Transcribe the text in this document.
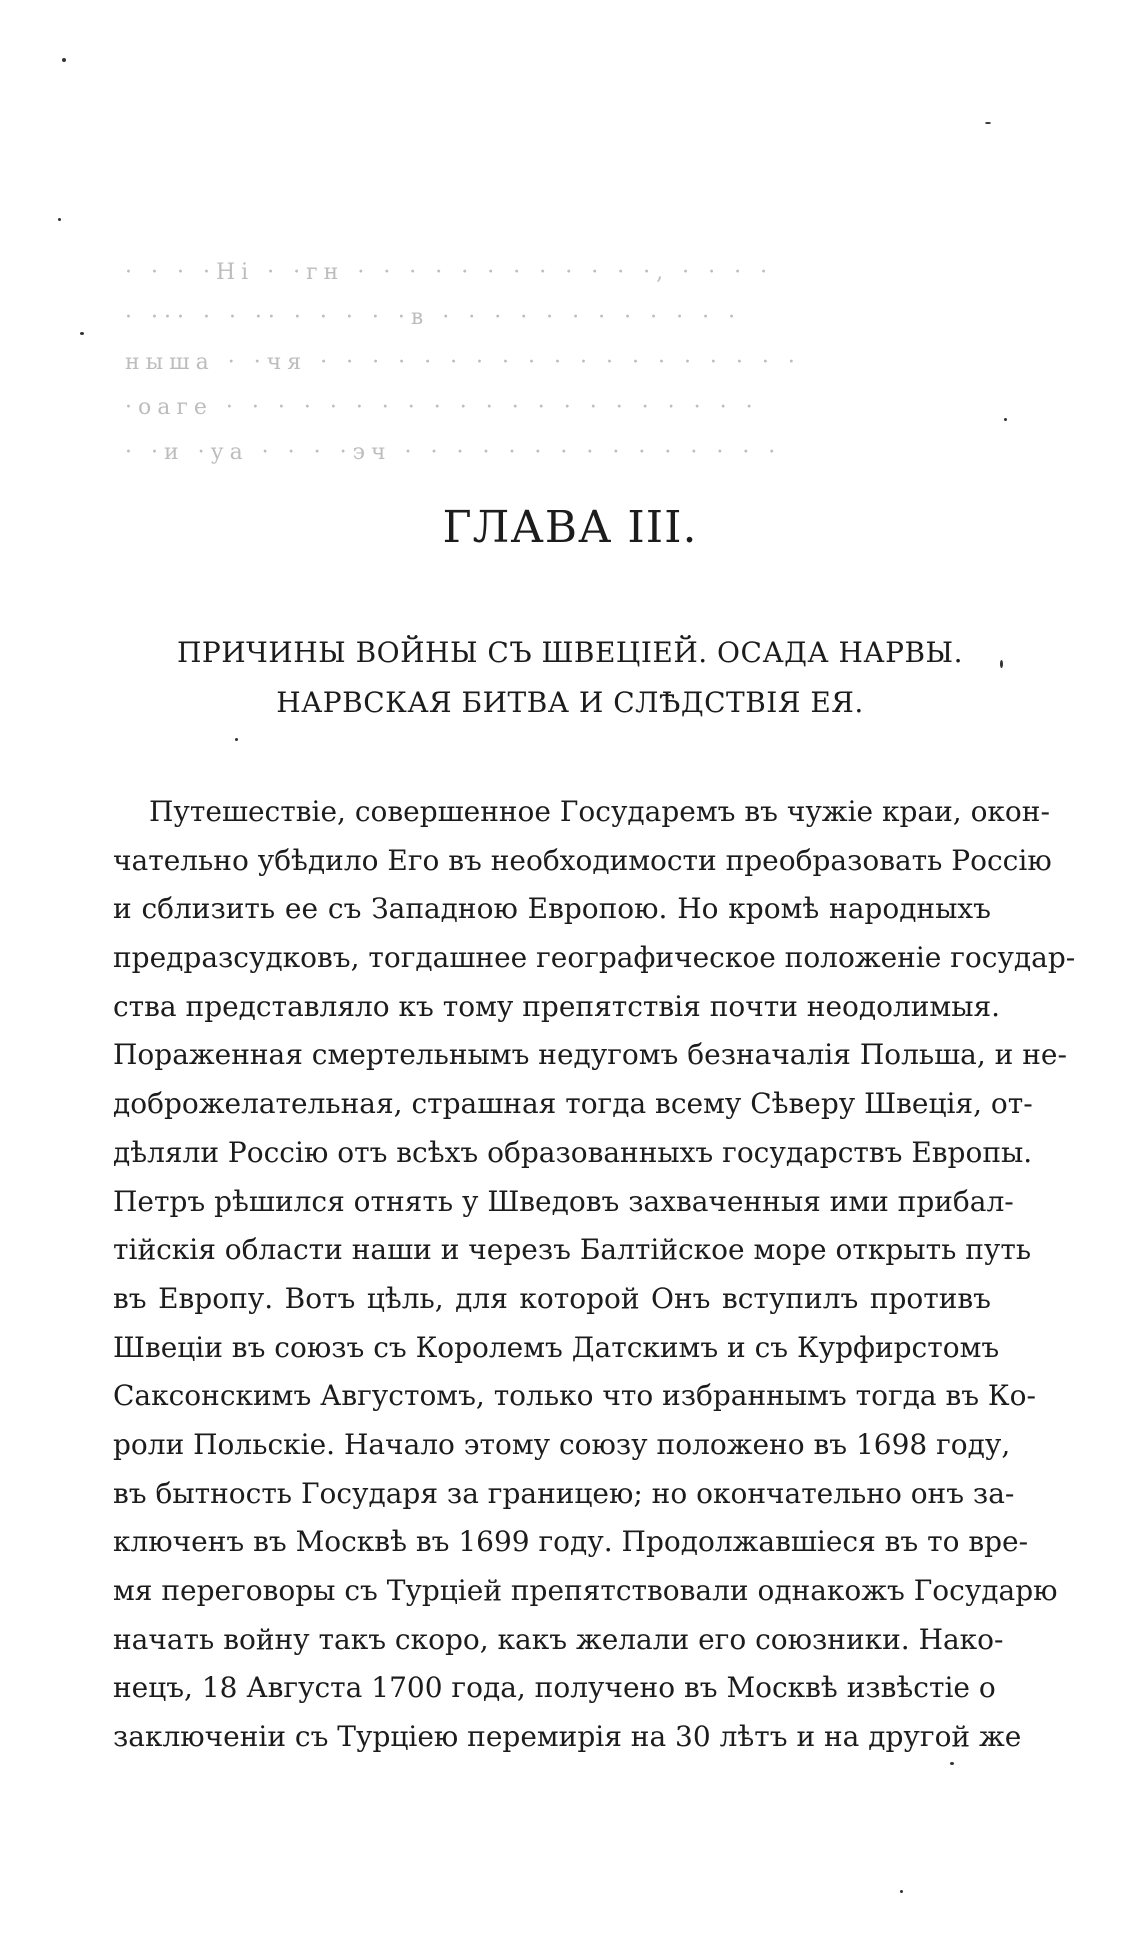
· · · ·Ні · ·гн · · · · · · · · · · · ·, · · · ·
· ··· · · ·· · · · · ·в · · · · · · · · · · · ·
ныша · ·чя · · · · · · · · · · · · · · · · · · ·
·оаге · · · · · · · · · · · · · · · · · · · · ·
· ·и ·уа · · · ·эч · · · · · · · · · · · · · · ·
ГЛАВА III.
ПРИЧИНЫ ВОЙНЫ СЪ ШВЕЦІЕЙ. ОСАДА НАРВЫ.
НАРВСКАЯ БИТВА И СЛѢДСТВІЯ ЕЯ.
Путешествіе, совершенное Государемъ въ чужіе краи, окон-
чательно убѣдило Его въ необходимости преобразовать Россію
и сблизить ее съ Западною Европою. Но кромѣ народныхъ
предразсудковъ, тогдашнее географическое положеніе государ-
ства представляло къ тому препятствія почти неодолимыя.
Пораженная смертельнымъ недугомъ безначалія Польша, и не-
доброжелательная, страшная тогда всему Сѣверу Швеція, от-
дѣляли Россію отъ всѣхъ образованныхъ государствъ Европы.
Петръ рѣшился отнять у Шведовъ захваченныя ими прибал-
тійскія области наши и черезъ Балтійское море открыть путь
въ Европу. Вотъ цѣль, для которой Онъ вступилъ противъ
Швеціи въ союзъ съ Королемъ Датскимъ и съ Курфирстомъ
Саксонскимъ Августомъ, только что избраннымъ тогда въ Ко-
роли Польскіе. Начало этому союзу положено въ 1698 году,
въ бытность Государя за границею; но окончательно онъ за-
ключенъ въ Москвѣ въ 1699 году. Продолжавшіеся въ то вре-
мя переговоры съ Турціей препятствовали однакожъ Государю
начать войну такъ скоро, какъ желали его союзники. Нако-
нецъ, 18 Августа 1700 года, получено въ Москвѣ извѣстіе о
заключеніи съ Турціею перемирія на 30 лѣтъ и на другой же
